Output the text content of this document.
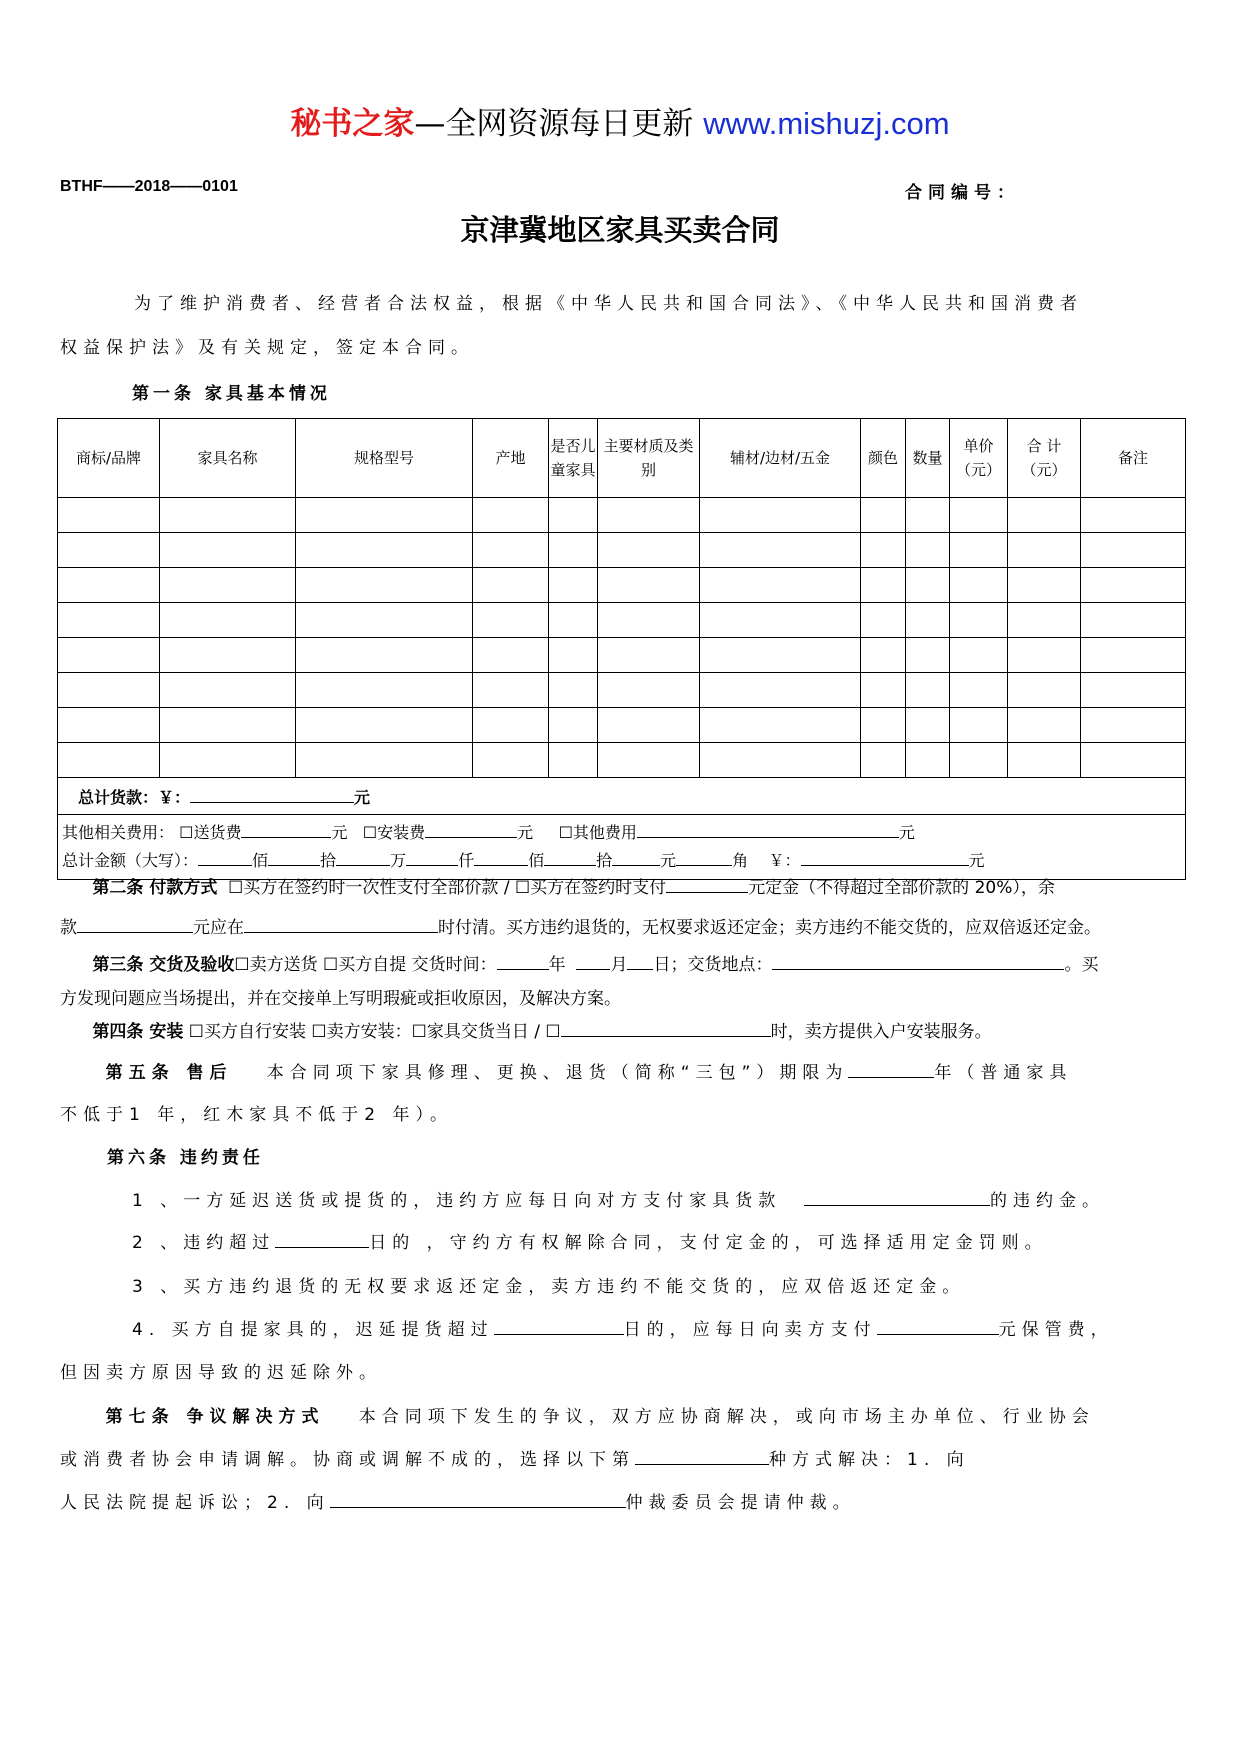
秘书之家—全网资源每日更新 www.mishuzj.com
BTHF——2018——0101	合同编号：
京津冀地区家具买卖合同
为了维护消费者、经营者合法权益，根据《中华人民共和国合同法》、《中华人民共和国消费者
权益保护法》及有关规定，签定本合同。
第一条 家具基本情况
商标/品牌	家具名称	规格型号	产地	是否儿童家具	主要材质及类别	辅材/边材/五金	颜色	数量	单价（元）	合 计（元）	备注

总计货款：￥： 元											

其他相关费用： ☐送货费 元 ☐安装费 元 ☐其他费用 元
总计金额（大写）： 佰 拾 万 仟 佰 拾 元 角 ￥： 元											
第二条 付款方式 ☐买方在签约时一次性支付全部价款 / ☐买方在签约时支付	元定金（不得超过全部价款的 20%），余
款	元应在	时付清。买方违约退货的，无权要求返还定金；卖方违约不能交货的，应双倍返还定金。
第三条 交货及验收☐卖方送货 ☐买方自提 交货时间：	年	月 日；交货地点：	。买
方发现问题应当场提出，并在交接单上写明瑕疵或拒收原因，及解决方案。
第四条 安装 ☐买方自行安装 ☐卖方安装：☐家具交货当日 / ☐	时，卖方提供入户安装服务。
第五条 售后 本合同项下家具修理、更换、退货（简称“三包”）期限为	年（普通家具
不低于1 年，红木家具不低于2 年）。
第六条 违约责任
1 、一方延迟送货或提货的，违约方应每日向对方支付家具货款	的违约金。
2 、违约超过	日的 ，守约方有权解除合同，支付定金的，可选择适用定金罚则。
3 、买方违约退货的无权要求返还定金，卖方违约不能交货的，应双倍返还定金。
4. 买方自提家具的，迟延提货超过	日的，应每日向卖方支付	元保管费，
但因卖方原因导致的迟延除外。
第七条 争议解决方式 本合同项下发生的争议，双方应协商解决，或向市场主办单位、行业协会
或消费者协会申请调解。协商或调解不成的，选择以下第	种方式解决：1. 向
人民法院提起诉讼；2. 向	仲裁委员会提请仲裁。
